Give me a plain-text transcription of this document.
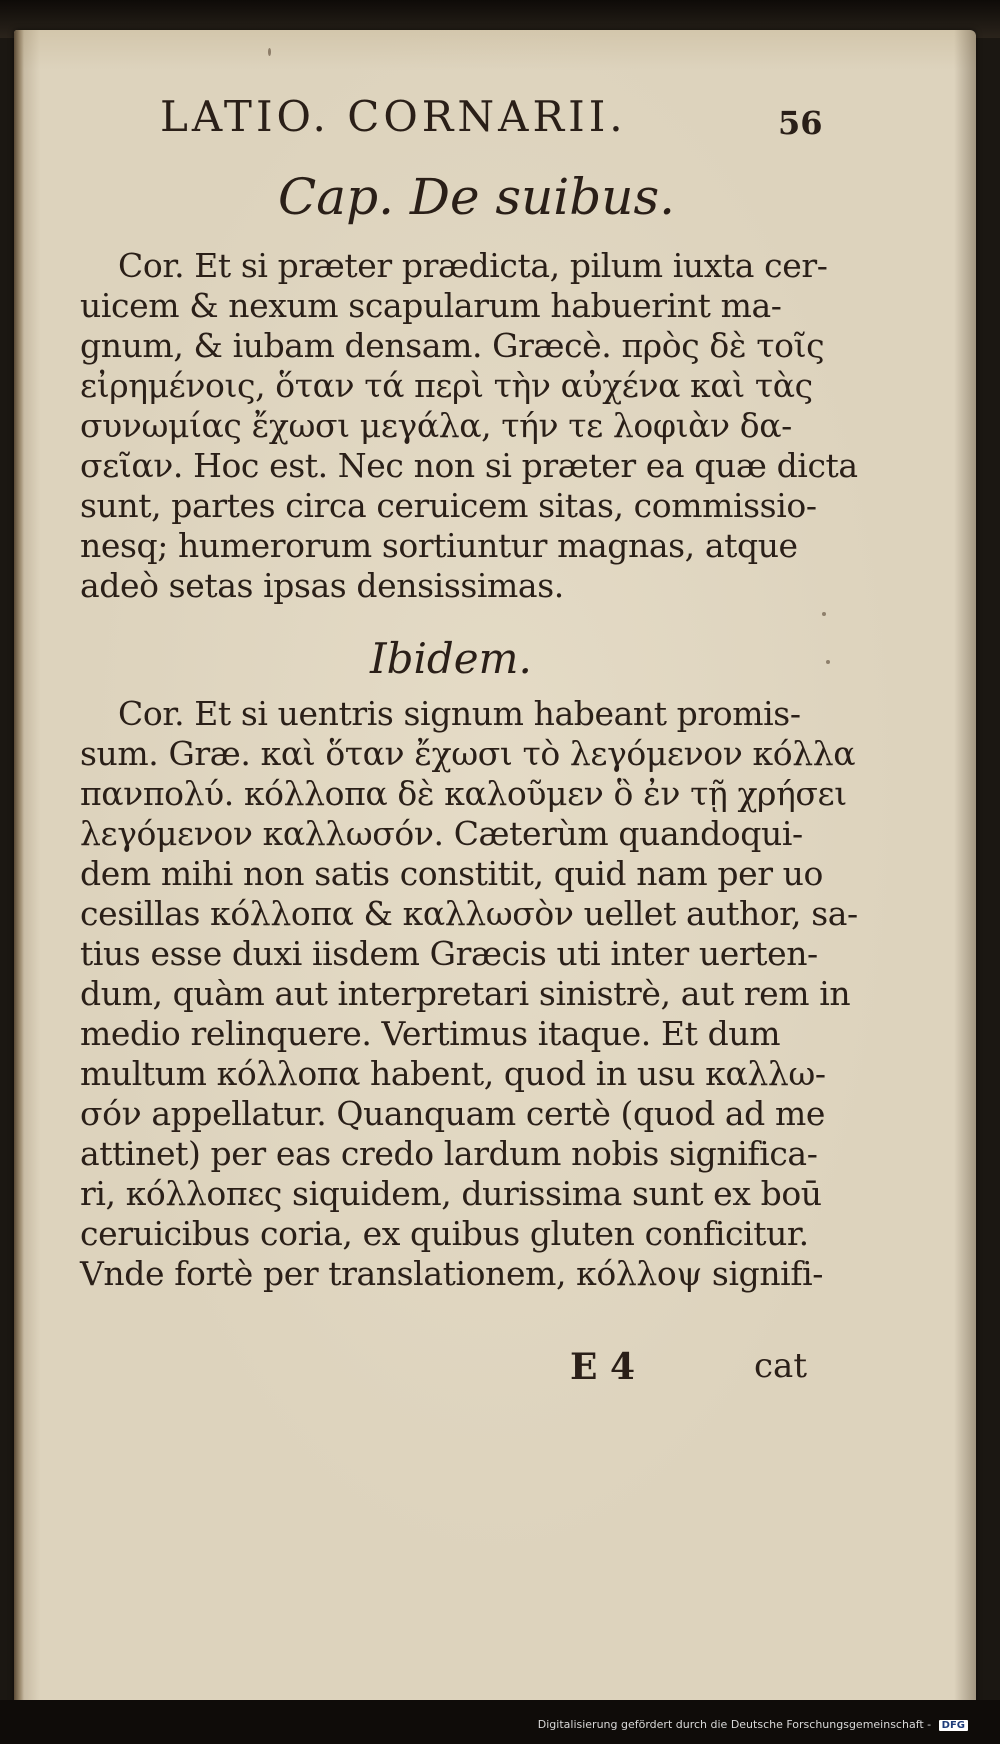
LATIO. CORNARII.	56
Cap. De suibus.
Cor. Et si præter prædicta, pilum iuxta cer-
uicem & nexum scapularum habuerint ma-
gnum, & iubam densam. Græcè. πρὸς δὲ τοῖς
εἰρημένοις, ὅταν τά περὶ τὴν αὐχένα καὶ τὰς
συνωμίας ἔχωσι μεγάλα, τήν τε λοφιὰν δα-
σεῖαν. Hoc est. Nec non si præter ea quæ dicta
sunt, partes circa ceruicem sitas, commissio-
nesq; humerorum sortiuntur magnas, atque
adeò setas ipsas densissimas.
Ibidem.
Cor. Et si uentris signum habeant promis-
sum. Græ. καὶ ὅταν ἔχωσι τὸ λεγόμενον κόλλα
πανπολύ. κόλλοπα δὲ καλοῦμεν ὃ ἐν τῇ χρήσει
λεγόμενον καλλωσόν. Cæterùm quandoqui-
dem mihi non satis constitit, quid nam per uo
cesillas κόλλοπα & καλλωσὸν uellet author, sa-
tius esse duxi iisdem Græcis uti inter uerten-
dum, quàm aut interpretari sinistrè, aut rem in
medio relinquere. Vertimus itaque. Et dum
multum κόλλοπα habent, quod in usu καλλω-
σόν appellatur. Quanquam certè (quod ad me
attinet) per eas credo lardum nobis significa-
ri, κόλλοπες siquidem, durissima sunt ex boū
ceruicibus coria, ex quibus gluten conficitur.
Vnde fortè per translationem, κόλλοψ signifi-
E 4	cat
Digitalisierung gefördert durch die Deutsche Forschungsgemeinschaft - DFG
